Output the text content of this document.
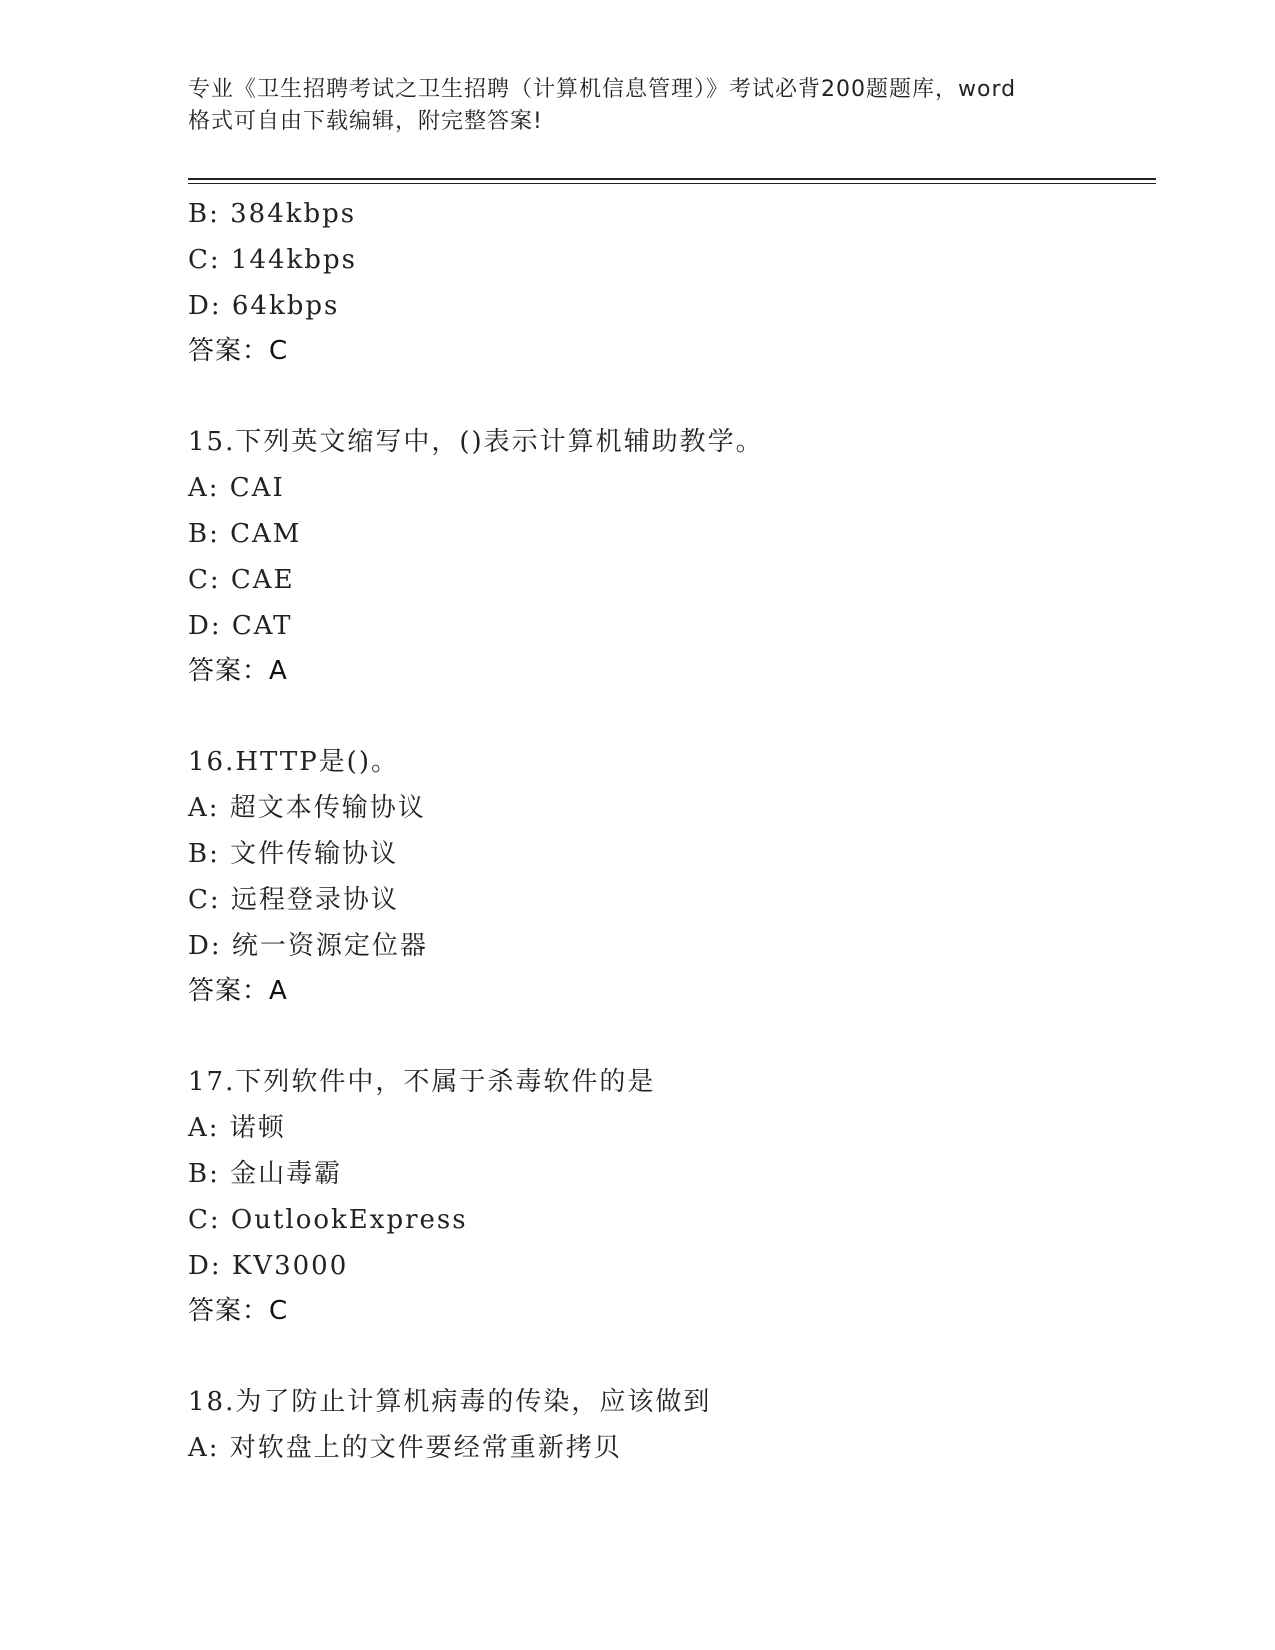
专业《卫生招聘考试之卫生招聘（计算机信息管理）》考试必背200题题库，word
格式可自由下载编辑，附完整答案!
B: 384kbps
C: 144kbps
D: 64kbps
答案：C
15.下列英文缩写中，()表示计算机辅助教学。
A: CAI
B: CAM
C: CAE
D: CAT
答案：A
16.HTTP是()。
A: 超文本传输协议
B: 文件传输协议
C: 远程登录协议
D: 统一资源定位器
答案：A
17.下列软件中，不属于杀毒软件的是
A: 诺顿
B: 金山毒霸
C: OutlookExpress
D: KV3000
答案：C
18.为了防止计算机病毒的传染，应该做到
A: 对软盘上的文件要经常重新拷贝
